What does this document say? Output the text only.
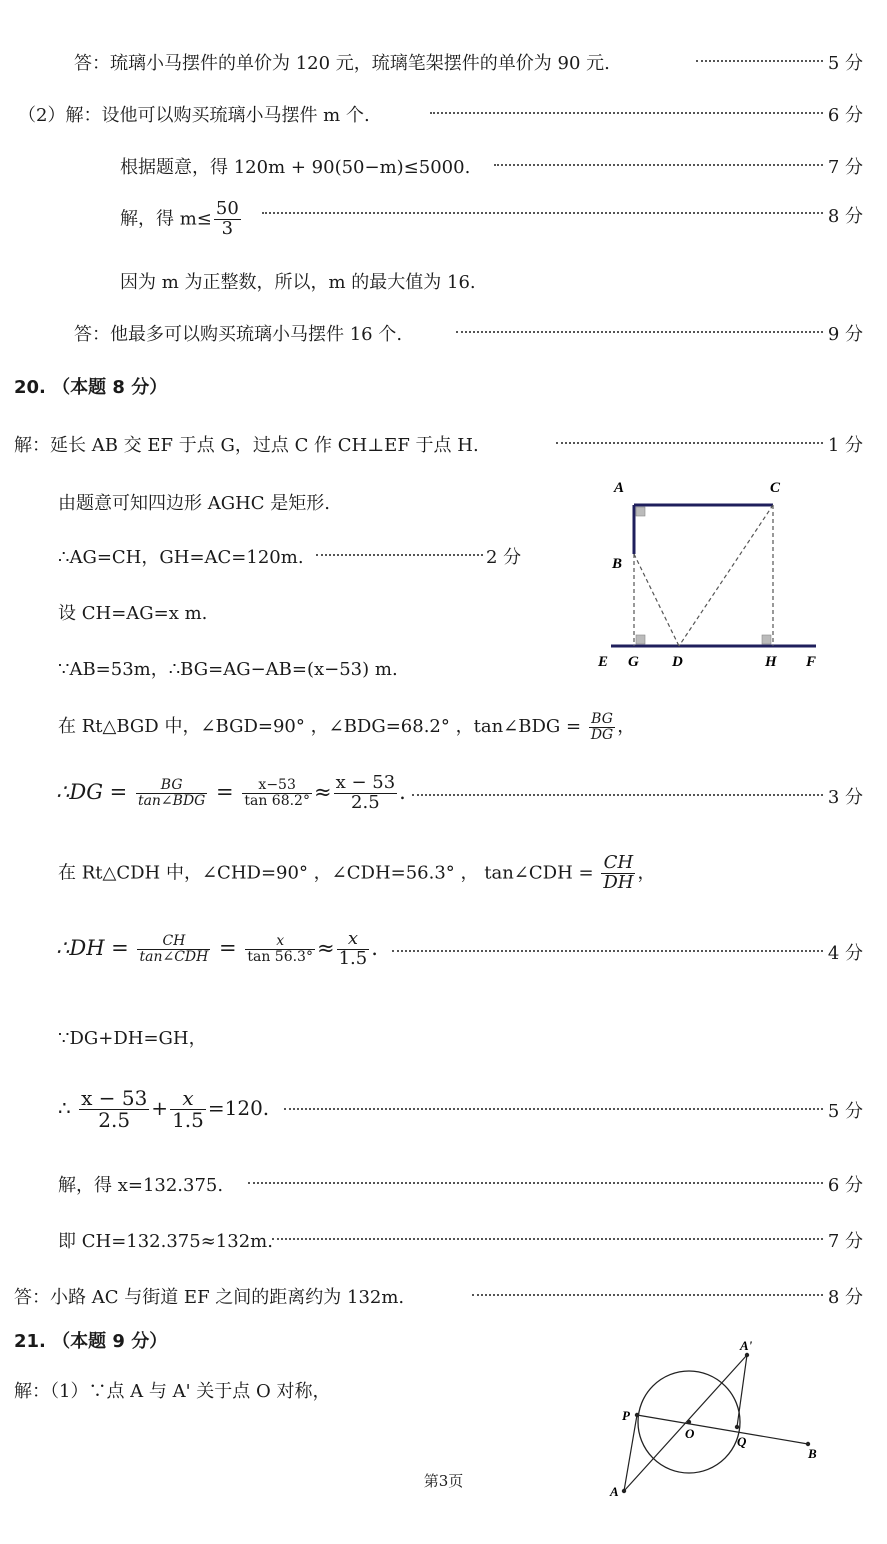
答：琉璃小马摆件的单价为 120 元，琉璃笔架摆件的单价为 90 元.	5 分
（2）解：设他可以购买琉璃小马摆件 m 个.	6 分
根据题意，得 120m + 90(50−m)≤5000.	7 分
解，得 $m\le \frac{50}{3}$	8 分
因为 m 为正整数，所以，m 的最大值为 16.
答：他最多可以购买琉璃小马摆件 16 个.	9 分
20. （本题 8 分）
解：延长 AB 交 EF 于点 G，过点 C 作 CH⊥EF 于点 H.	1 分
由题意可知四边形 AGHC 是矩形.
∴AG=CH，GH=AC=120m.	2 分
设 CH=AG=x m.
∵AB=53m，∴BG=AG−AB=(x−53) m.
在 Rt△BGD 中，∠BGD=90° ，∠BDG=68.2° ，tan∠BDG = $\frac{BG}{DG}$ ，
∴DG = $\frac{BG}{\text{tan∠BDG}} = \frac{x-53}{\tan 68.2^\circ} \approx \frac{x - 53}{2.5}$ .	3 分
在 Rt△CDH 中，∠CHD=90° ，∠CDH=56.3° ， tan∠CDH = $\frac{CH}{DH}$ ，
∴DH = $\frac{CH}{\text{tan∠CDH}} = \frac{x}{\tan 56.3^\circ} \approx \frac{x}{1.5}$ .	4 分
∵DG+DH=GH，
∴ $\frac{x - 53}{2.5} + \frac{x}{1.5} =120$.	5 分
解，得 x=132.375.	6 分
即 CH=132.375≈132m.	7 分
答：小路 AC 与街道 EF 之间的距离约为 132m.	8 分
A	C
B
E G D	H F
21. （本题 9 分）
解：（1）∵点 A 与 A' 关于点 O 对称，
A'
P
O
Q
B
A
第3页
